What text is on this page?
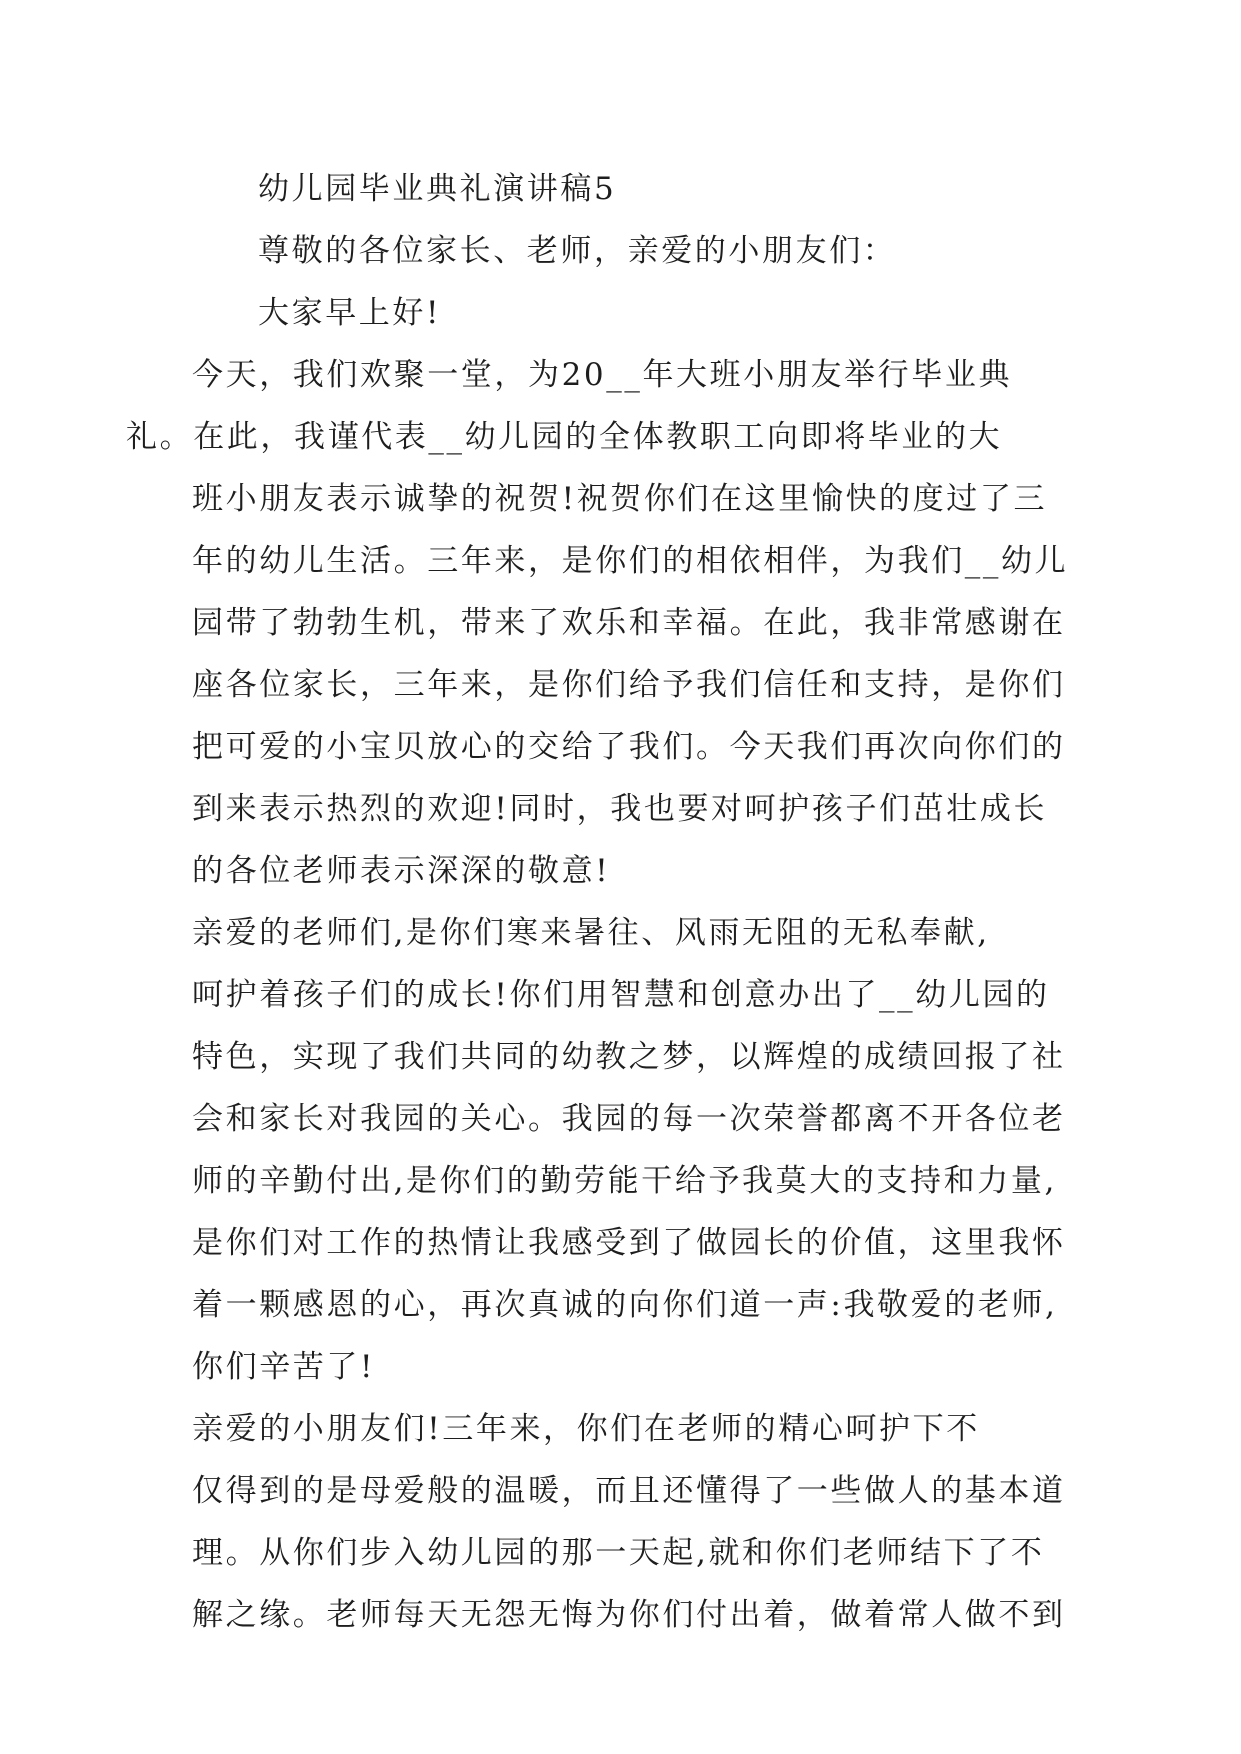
幼儿园毕业典礼演讲稿5

尊敬的各位家长、老师，亲爱的小朋友们：

大家早上好!

今天，我们欢聚一堂，为20__年大班小朋友举行毕业典
礼。在此，我谨代表__幼儿园的全体教职工向即将毕业的大
班小朋友表示诚挚的祝贺!祝贺你们在这里愉快的度过了三
年的幼儿生活。三年来，是你们的相依相伴，为我们__幼儿
园带了勃勃生机，带来了欢乐和幸福。在此，我非常感谢在
座各位家长，三年来，是你们给予我们信任和支持，是你们
把可爱的小宝贝放心的交给了我们。今天我们再次向你们的
到来表示热烈的欢迎!同时，我也要对呵护孩子们茁壮成长
的各位老师表示深深的敬意!

亲爱的老师们,是你们寒来暑往、风雨无阻的无私奉献,
呵护着孩子们的成长!你们用智慧和创意办出了__幼儿园的
特色，实现了我们共同的幼教之梦，以辉煌的成绩回报了社
会和家长对我园的关心。我园的每一次荣誉都离不开各位老
师的辛勤付出,是你们的勤劳能干给予我莫大的支持和力量,
是你们对工作的热情让我感受到了做园长的价值，这里我怀
着一颗感恩的心，再次真诚的向你们道一声:我敬爱的老师,
你们辛苦了!

亲爱的小朋友们!三年来，你们在老师的精心呵护下不
仅得到的是母爱般的温暖，而且还懂得了一些做人的基本道
理。从你们步入幼儿园的那一天起,就和你们老师结下了不
解之缘。老师每天无怨无悔为你们付出着，做着常人做不到
